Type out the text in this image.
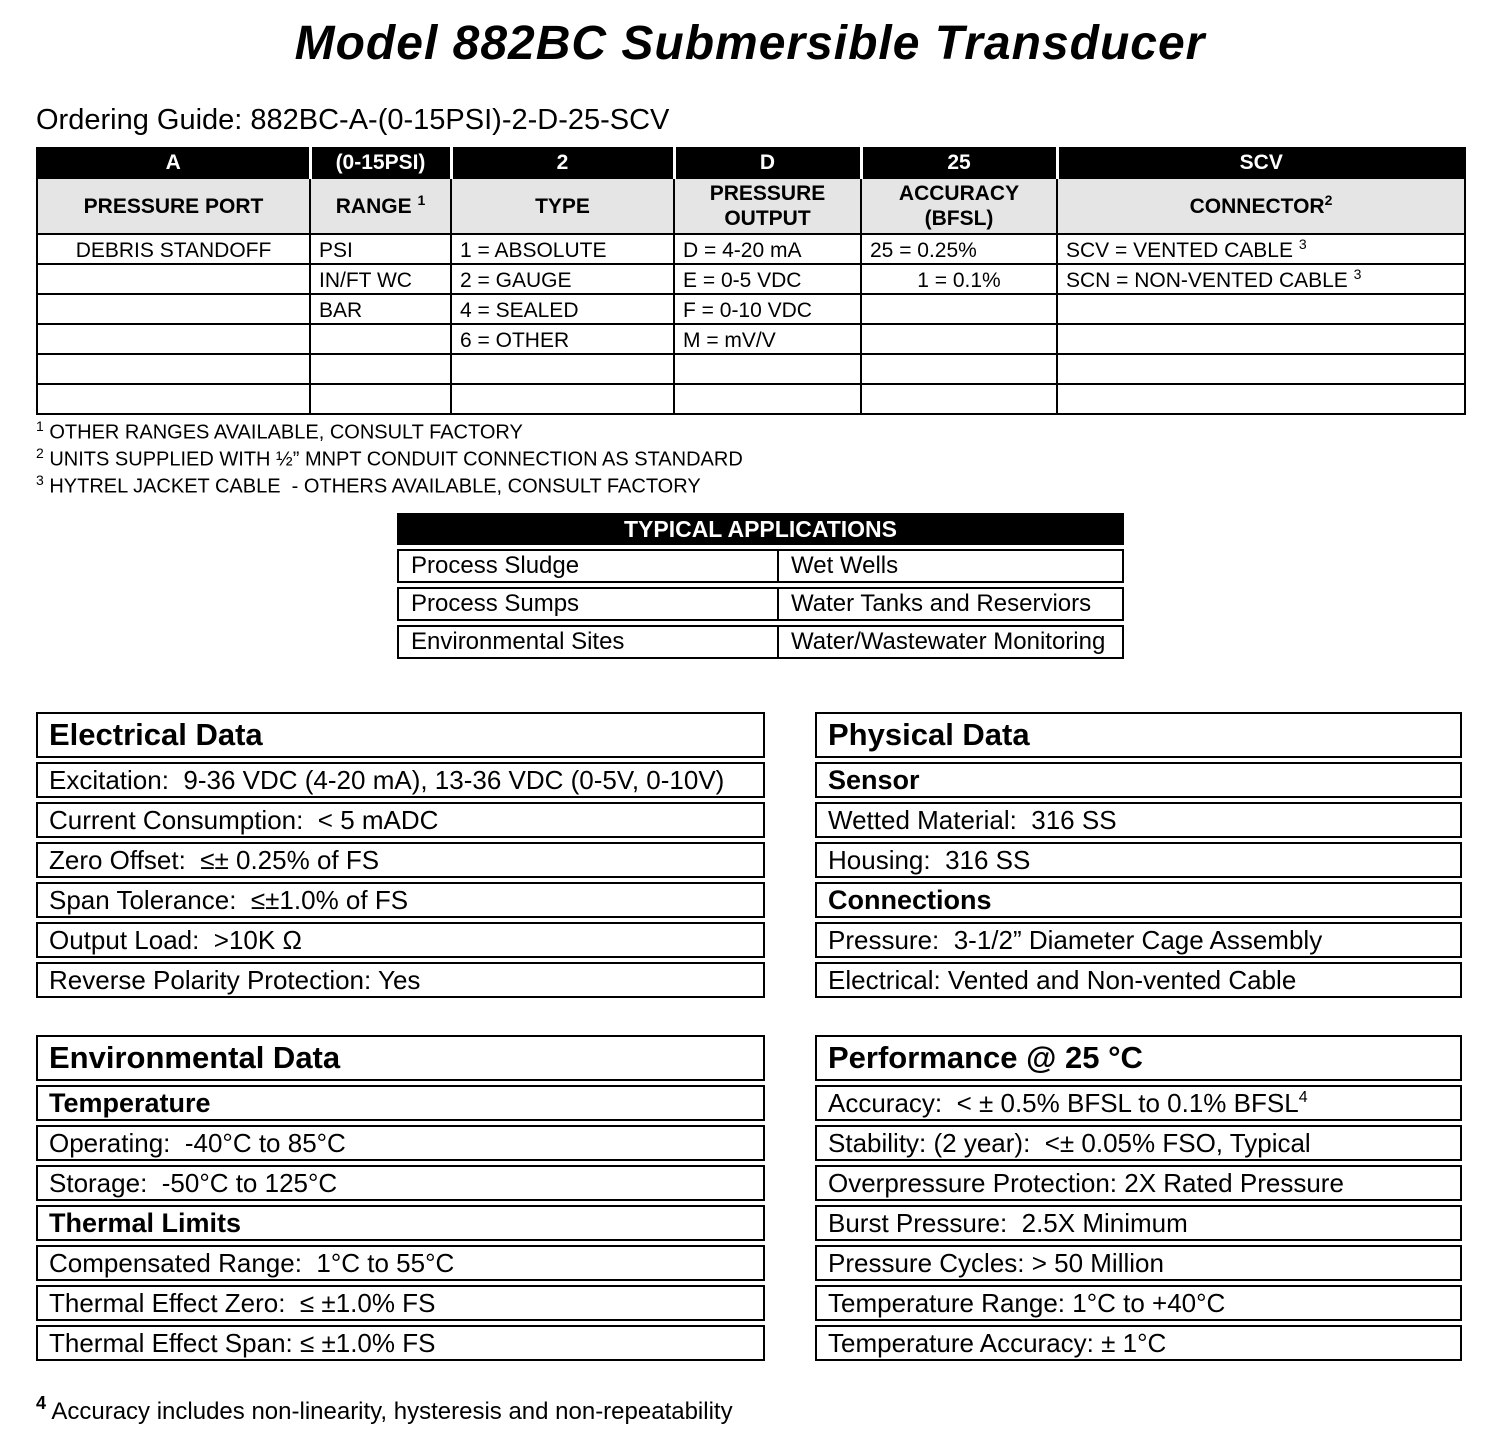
Model 882BC Submersible Transducer
Ordering Guide: 882BC-A-(0-15PSI)-2-D-25-SCV
A	(0-15PSI)	2	D	25	SCV
PRESSURE PORT	RANGE $^1$	TYPE	PRESSURE OUTPUT	ACCURACY (BFSL)	CONNECTOR$^2$
DEBRIS STANDOFF	PSI	1 = ABSOLUTE	D = 4-20 mA	25 = 0.25%	SCV = VENTED CABLE $^3$
	IN/FT WC	2 = GAUGE	E = 0-5 VDC	1 = 0.1%	SCN = NON-VENTED CABLE $^3$
	BAR	4 = SEALED	F = 0-10 VDC		
		6 = OTHER	M = mV/V		

$^1$ OTHER RANGES AVAILABLE, CONSULT FACTORY
$^2$ UNITS SUPPLIED WITH ½” MNPT CONDUIT CONNECTION AS STANDARD
$^3$ HYTREL JACKET CABLE  - OTHERS AVAILABLE, CONSULT FACTORY
TYPICAL APPLICATIONS
Process Sludge	Wet Wells
Process Sumps	Water Tanks and Reserviors
Environmental Sites	Water/Wastewater Monitoring
Electrical Data
Excitation:  9-36 VDC (4-20 mA), 13-36 VDC (0-5V, 0-10V)
Current Consumption:  < 5 mADC
Zero Offset:  ≤± 0.25% of FS
Span Tolerance:  ≤±1.0% of FS
Output Load:  >10K Ω
Reverse Polarity Protection: Yes
Physical Data
Sensor
Wetted Material:  316 SS
Housing:  316 SS
Connections
Pressure:  3-1/2” Diameter Cage Assembly
Electrical: Vented and Non-vented Cable
Environmental Data
Temperature
Operating:  -40°C to 85°C
Storage:  -50°C to 125°C
Thermal Limits
Compensated Range:  1°C to 55°C
Thermal Effect Zero:  ≤ ±1.0% FS
Thermal Effect Span: ≤ ±1.0% FS
Performance @ 25 °C
Accuracy:  < ± 0.5% BFSL to 0.1% BFSL 4
Stability: (2 year):  <± 0.05% FSO, Typical
Overpressure Protection: 2X Rated Pressure
Burst Pressure:  2.5X Minimum
Pressure Cycles: > 50 Million
Temperature Range: 1°C to +40°C
Temperature Accuracy: ± 1°C
$^4$ Accuracy includes non-linearity, hysteresis and non-repeatability
